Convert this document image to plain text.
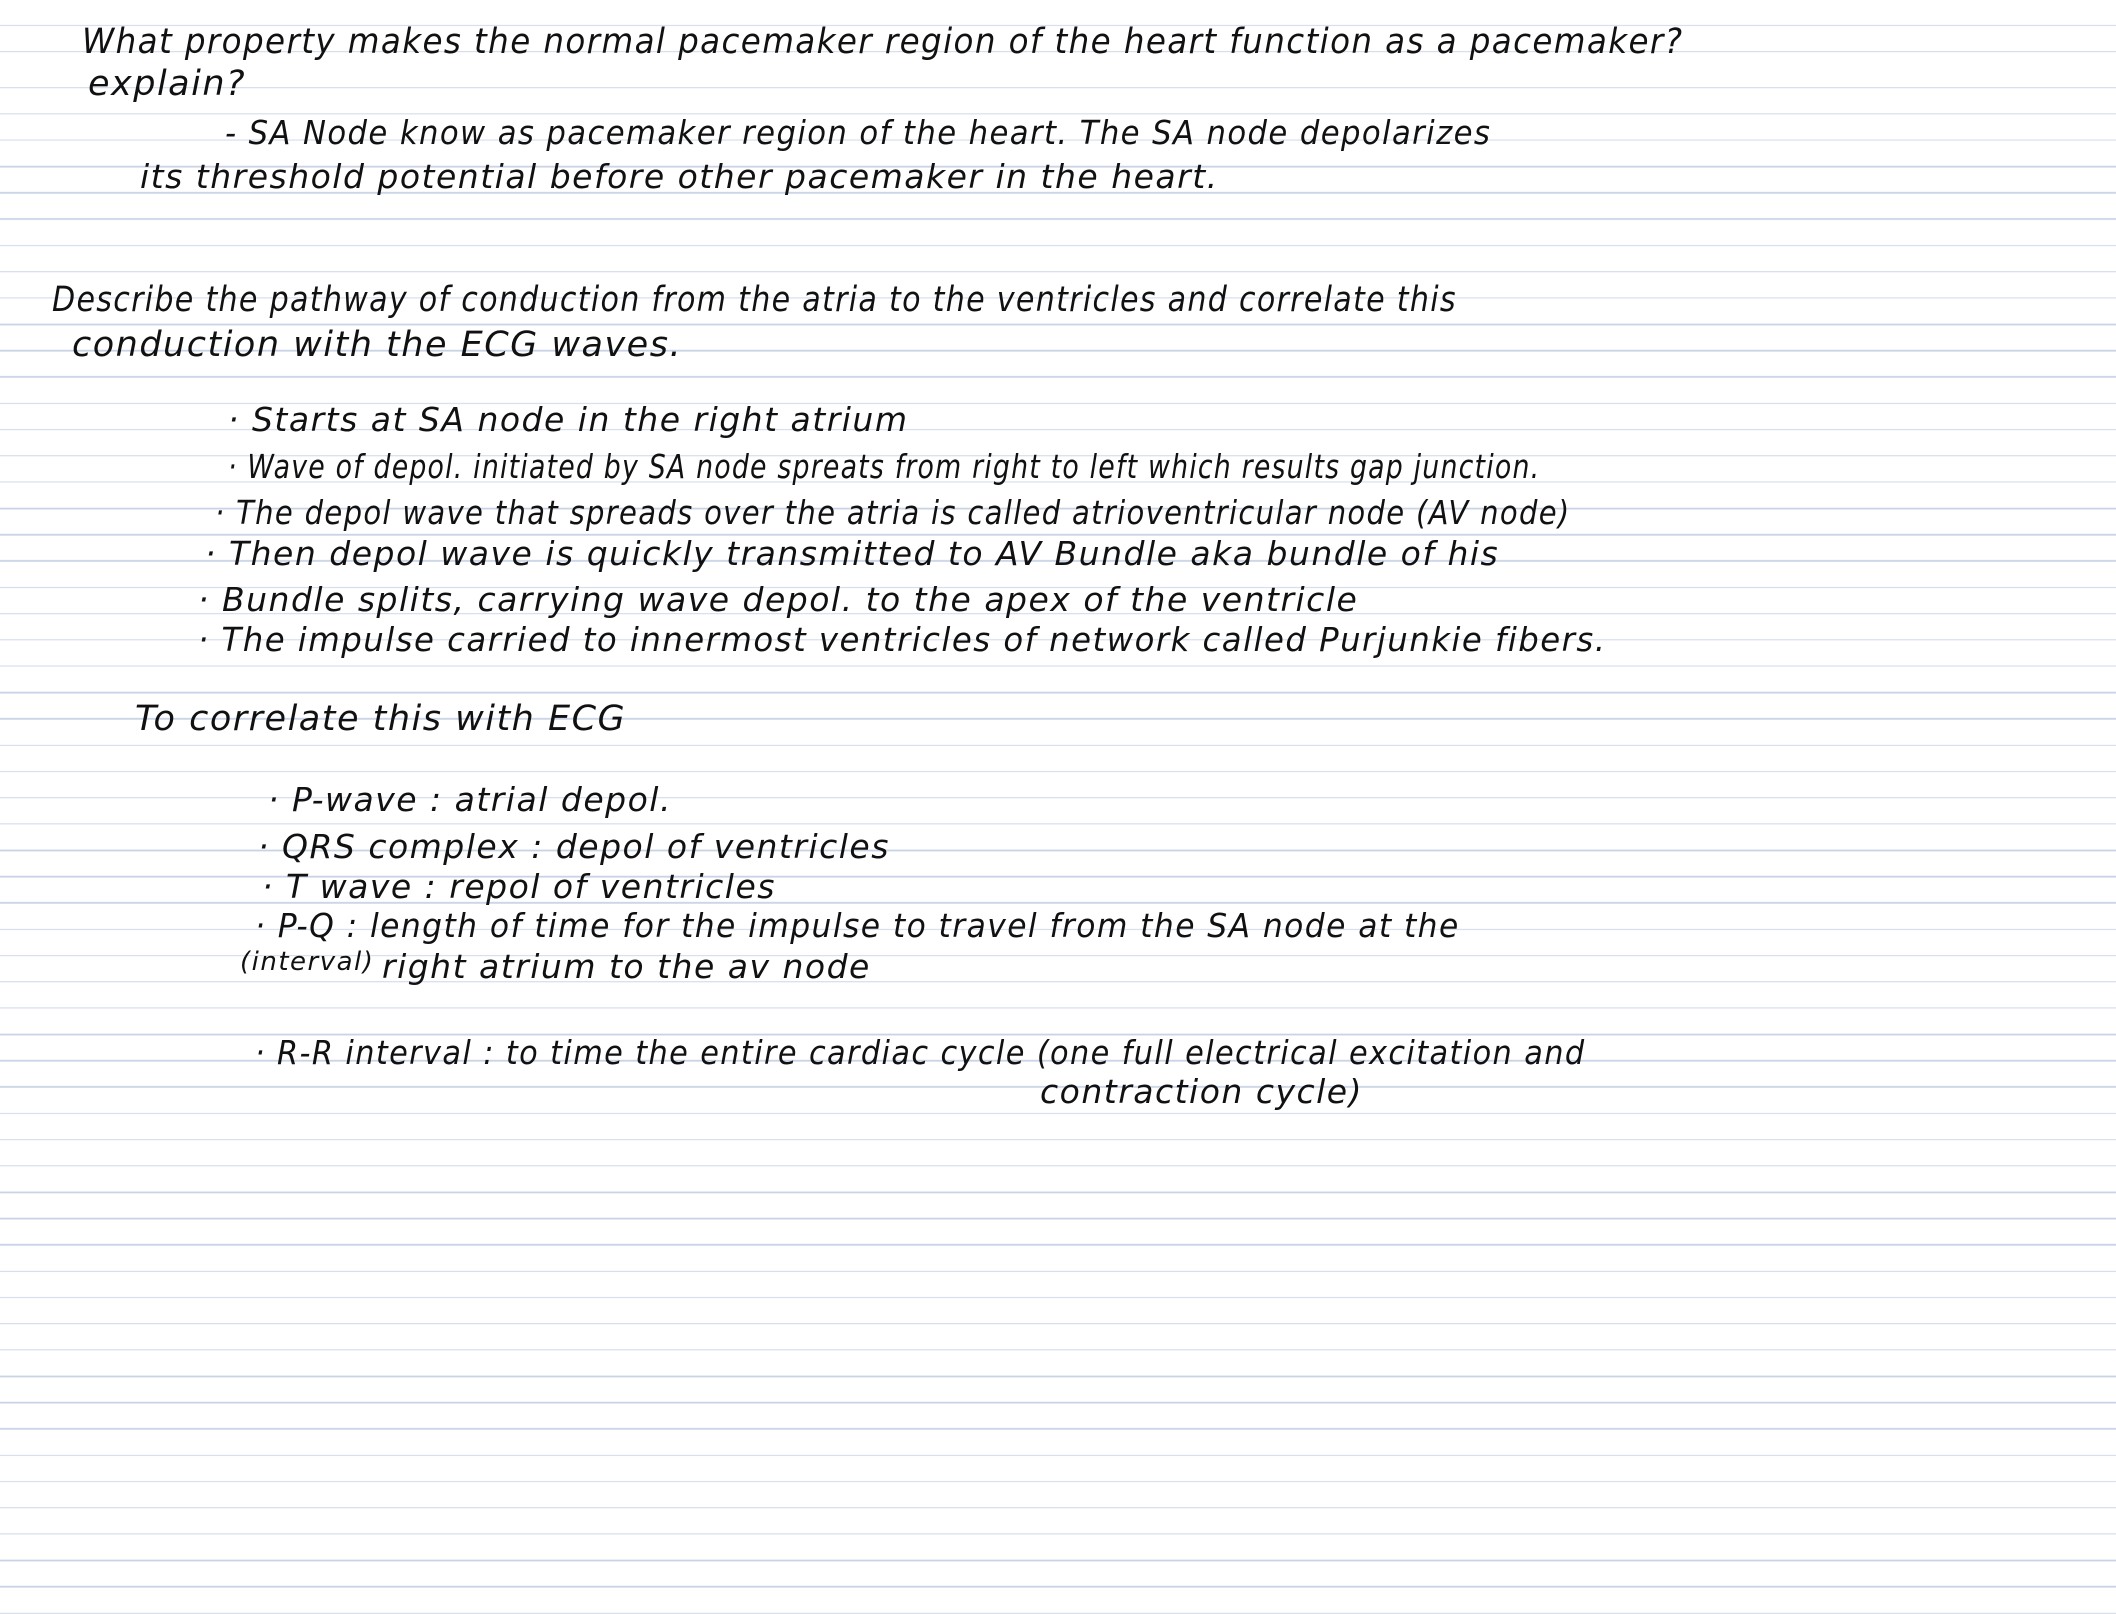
What property makes the normal pacemaker region of the heart function as a pacemaker?
explain?
- SA Node know as pacemaker region of the heart. The SA node depolarizes
its threshold potential before other pacemaker in the heart.
Describe the pathway of conduction from the atria to the ventricles and correlate this
conduction with the ECG waves.
· Starts at SA node in the right atrium
· Wave of depol. initiated by SA node spreats from right to left which results gap junction.
· The depol wave that spreads over the atria is called atrioventricular node (AV node)
· Then depol wave is quickly transmitted to AV Bundle aka bundle of his
· Bundle splits, carrying wave depol. to the apex of the ventricle
· The impulse carried to innermost ventricles of network called Purjunkie fibers.
To correlate this with ECG
· P-wave : atrial depol.
· QRS complex : depol of ventricles
· T wave : repol of ventricles
· P-Q : length of time for the impulse to travel from the SA node at the
(interval) right atrium to the av node
· R-R interval : to time the entire cardiac cycle (one full electrical excitation and
contraction cycle)
